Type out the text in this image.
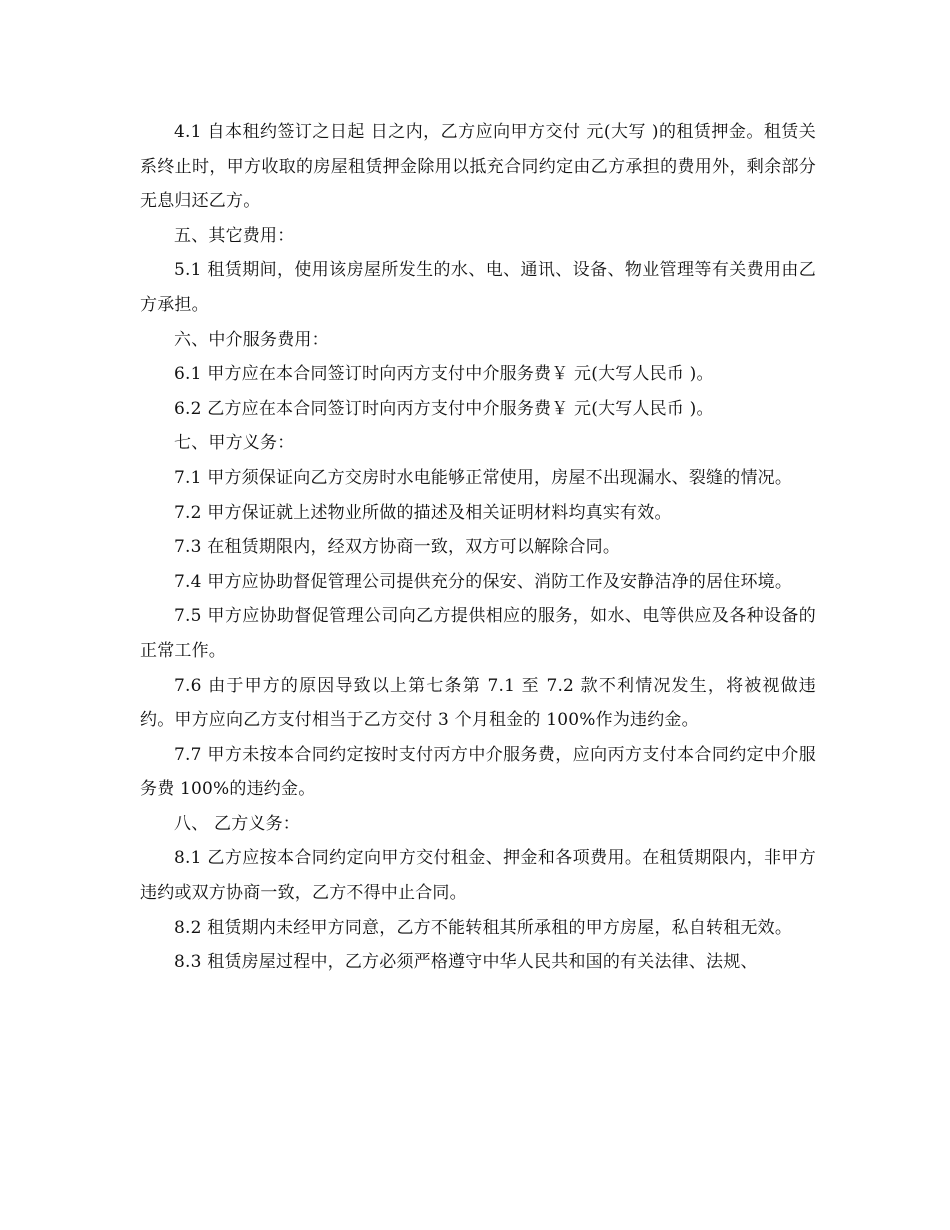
4.1 自本租约签订之日起 日之内，乙方应向甲方交付 元(大写 )的租赁押金。租赁关系终止时，甲方收取的房屋租赁押金除用以抵充合同约定由乙方承担的费用外，剩余部分无息归还乙方。

五、其它费用：

5.1 租赁期间，使用该房屋所发生的水、电、通讯、设备、物业管理等有关费用由乙方承担。

六、中介服务费用：

6.1 甲方应在本合同签订时向丙方支付中介服务费￥ 元(大写人民币 )。

6.2 乙方应在本合同签订时向丙方支付中介服务费￥ 元(大写人民币 )。

七、甲方义务：

7.1 甲方须保证向乙方交房时水电能够正常使用，房屋不出现漏水、裂缝的情况。

7.2 甲方保证就上述物业所做的描述及相关证明材料均真实有效。

7.3 在租赁期限内，经双方协商一致，双方可以解除合同。

7.4 甲方应协助督促管理公司提供充分的保安、消防工作及安静洁净的居住环境。

7.5 甲方应协助督促管理公司向乙方提供相应的服务，如水、电等供应及各种设备的正常工作。

7.6 由于甲方的原因导致以上第七条第 7.1 至 7.2 款不利情况发生，将被视做违约。甲方应向乙方支付相当于乙方交付 3 个月租金的 100%作为违约金。

7.7 甲方未按本合同约定按时支付丙方中介服务费，应向丙方支付本合同约定中介服务费 100%的违约金。

八、 乙方义务：

8.1 乙方应按本合同约定向甲方交付租金、押金和各项费用。在租赁期限内，非甲方违约或双方协商一致，乙方不得中止合同。

8.2 租赁期内未经甲方同意，乙方不能转租其所承租的甲方房屋，私自转租无效。

8.3 租赁房屋过程中，乙方必须严格遵守中华人民共和国的有关法律、法规、
